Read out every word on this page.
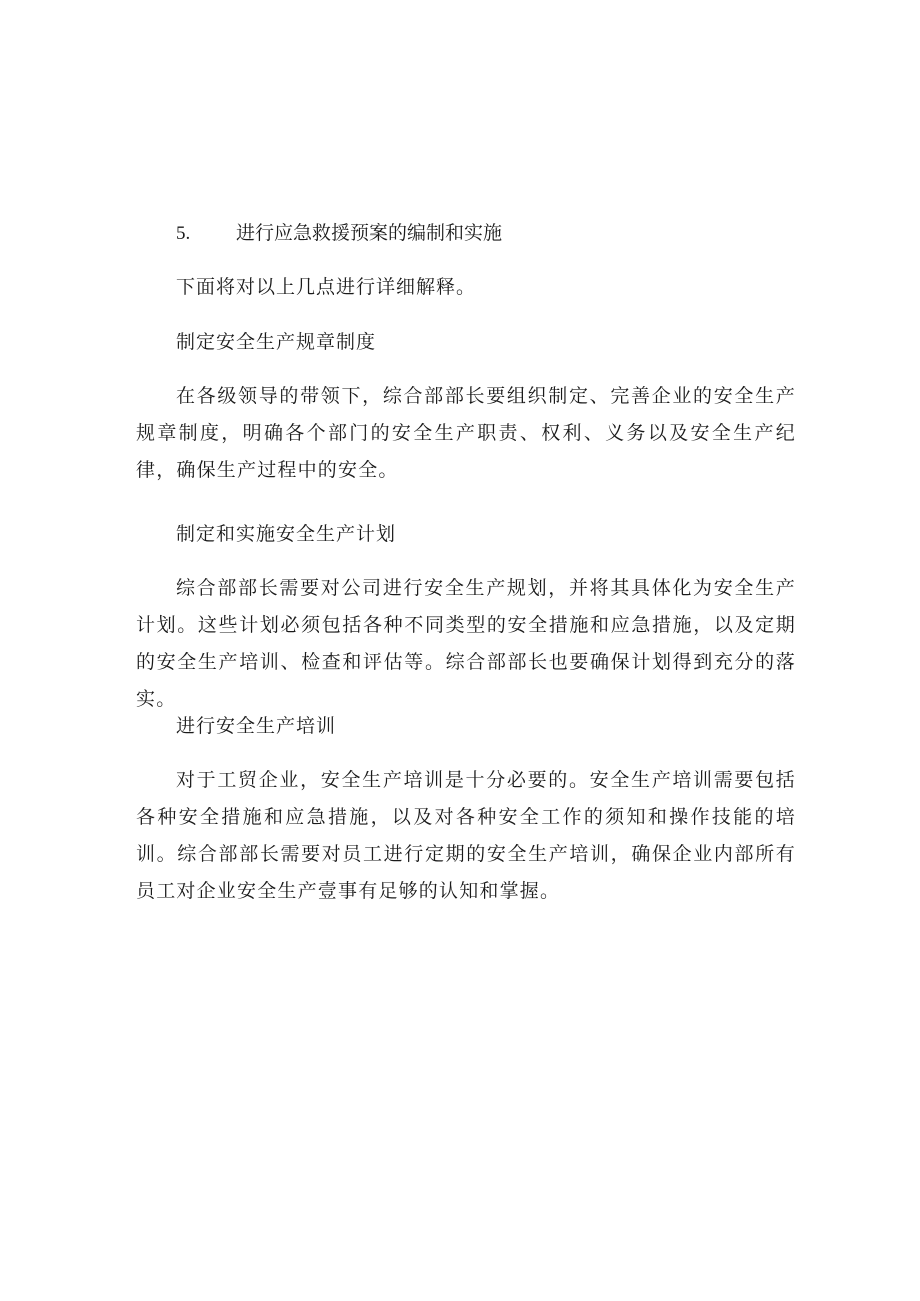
5. 进行应急救援预案的编制和实施
下面将对以上几点进行详细解释。
制定安全生产规章制度
在各级领导的带领下，综合部部长要组织制定、完善企业的安全生产规章制度，明确各个部门的安全生产职责、权利、义务以及安全生产纪律，确保生产过程中的安全。
制定和实施安全生产计划
综合部部长需要对公司进行安全生产规划，并将其具体化为安全生产计划。这些计划必须包括各种不同类型的安全措施和应急措施，以及定期的安全生产培训、检查和评估等。综合部部长也要确保计划得到充分的落实。
进行安全生产培训
对于工贸企业，安全生产培训是十分必要的。安全生产培训需要包括各种安全措施和应急措施，以及对各种安全工作的须知和操作技能的培训。综合部部长需要对员工进行定期的安全生产培训，确保企业内部所有员工对企业安全生产壹事有足够的认知和掌握。
